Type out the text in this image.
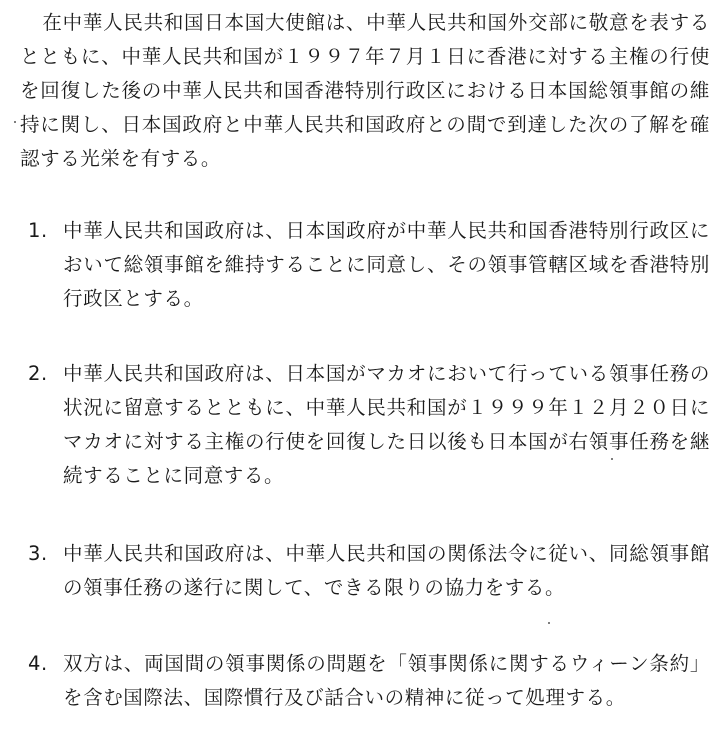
在中華人民共和国日本国大使館は、中華人民共和国外交部に敬意を表するとともに、中華人民共和国が１９９７年７月１日に香港に対する主権の行使を回復した後の中華人民共和国香港特別行政区における日本国総領事館の維持に関し、日本国政府と中華人民共和国政府との間で到達した次の了解を確認する光栄を有する。

1. 中華人民共和国政府は、日本国政府が中華人民共和国香港特別行政区において総領事館を維持することに同意し、その領事管轄区域を香港特別行政区とする。
2. 中華人民共和国政府は、日本国がマカオにおいて行っている領事任務の状況に留意するとともに、中華人民共和国が１９９９年１２月２０日にマカオに対する主権の行使を回復した日以後も日本国が右領事任務を継続することに同意する。
3. 中華人民共和国政府は、中華人民共和国の関係法令に従い、同総領事館の領事任務の遂行に関して、できる限りの協力をする。
4. 双方は、両国間の領事関係の問題を「領事関係に関するウィーン条約」を含む国際法、国際慣行及び話合いの精神に従って処理する。
